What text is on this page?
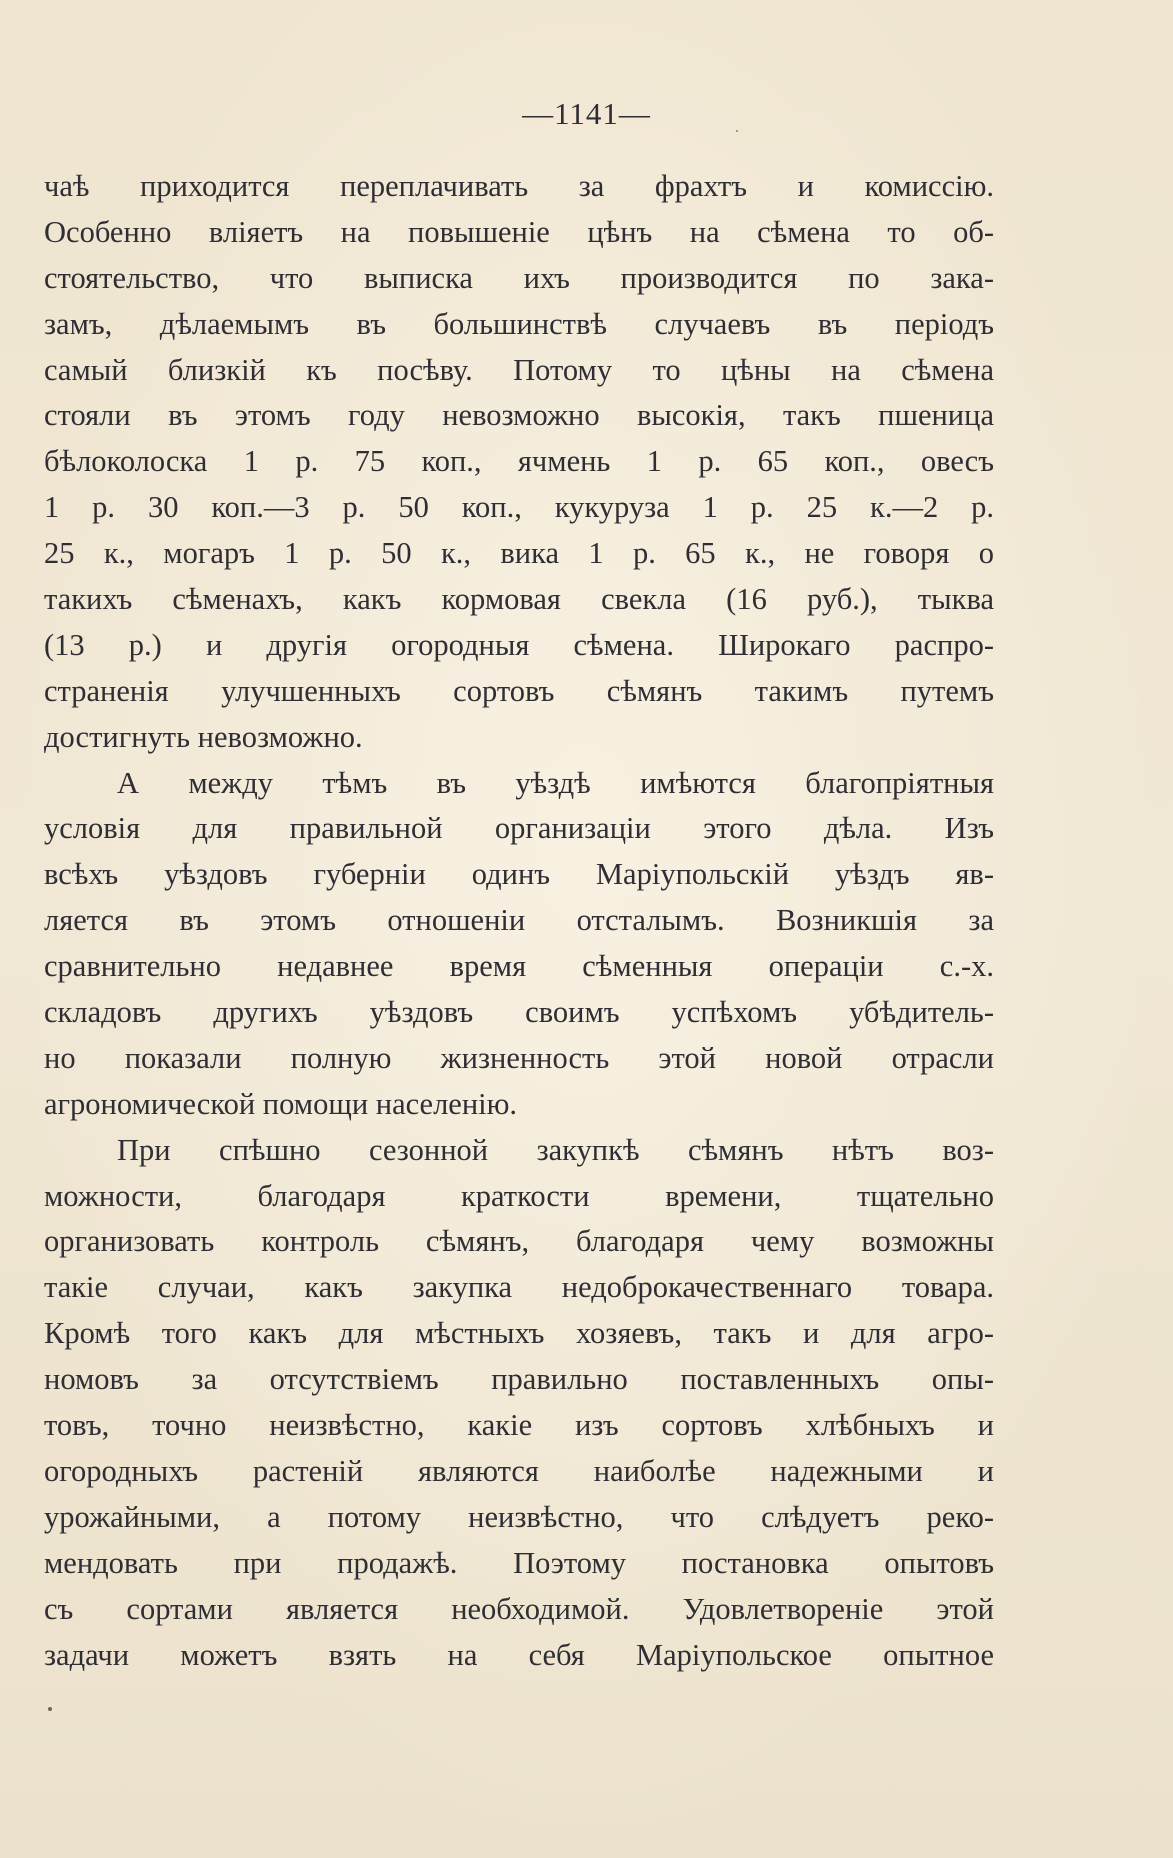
—1141—
чаѣ приходится переплачивать за фрахтъ и комиссію.
Особенно вліяетъ на повышеніе цѣнъ на сѣмена то об-
стоятельство, что выписка ихъ производится по зака-
замъ, дѣлаемымъ въ большинствѣ случаевъ въ періодъ
самый близкій къ посѣву. Потому то цѣны на сѣмена
стояли въ этомъ году невозможно высокія, такъ пшеница
бѣлоколоска 1 р. 75 коп., ячмень 1 р. 65 коп., овесъ
1 р. 30 коп.—3 р. 50 коп., кукуруза 1 р. 25 к.—2 р.
25 к., могаръ 1 р. 50 к., вика 1 р. 65 к., не говоря о
такихъ сѣменахъ, какъ кормовая свекла (16 руб.), тыква
(13 р.) и другія огородныя сѣмена. Широкаго распро-
страненія улучшенныхъ сортовъ сѣмянъ такимъ путемъ
достигнуть невозможно.
А между тѣмъ въ уѣздѣ имѣются благопріятныя
условія для правильной организаціи этого дѣла. Изъ
всѣхъ уѣздовъ губерніи одинъ Маріупольскій уѣздъ яв-
ляется въ этомъ отношеніи отсталымъ. Возникшія за
сравнительно недавнее время сѣменныя операціи с.-х.
складовъ другихъ уѣздовъ своимъ успѣхомъ убѣдитель-
но показали полную жизненность этой новой отрасли
агрономической помощи населенію.
При спѣшно сезонной закупкѣ сѣмянъ нѣтъ воз-
можности, благодаря краткости времени, тщательно
организовать контроль сѣмянъ, благодаря чему возможны
такіе случаи, какъ закупка недоброкачественнаго товара.
Кромѣ того какъ для мѣстныхъ хозяевъ, такъ и для агро-
номовъ за отсутствіемъ правильно поставленныхъ опы-
товъ, точно неизвѣстно, какіе изъ сортовъ хлѣбныхъ и
огородныхъ растеній являются наиболѣе надежными и
урожайными, а потому неизвѣстно, что слѣдуетъ реко-
мендовать при продажѣ. Поэтому постановка опытовъ
съ сортами является необходимой. Удовлетвореніе этой
задачи можетъ взять на себя Маріупольское опытное
